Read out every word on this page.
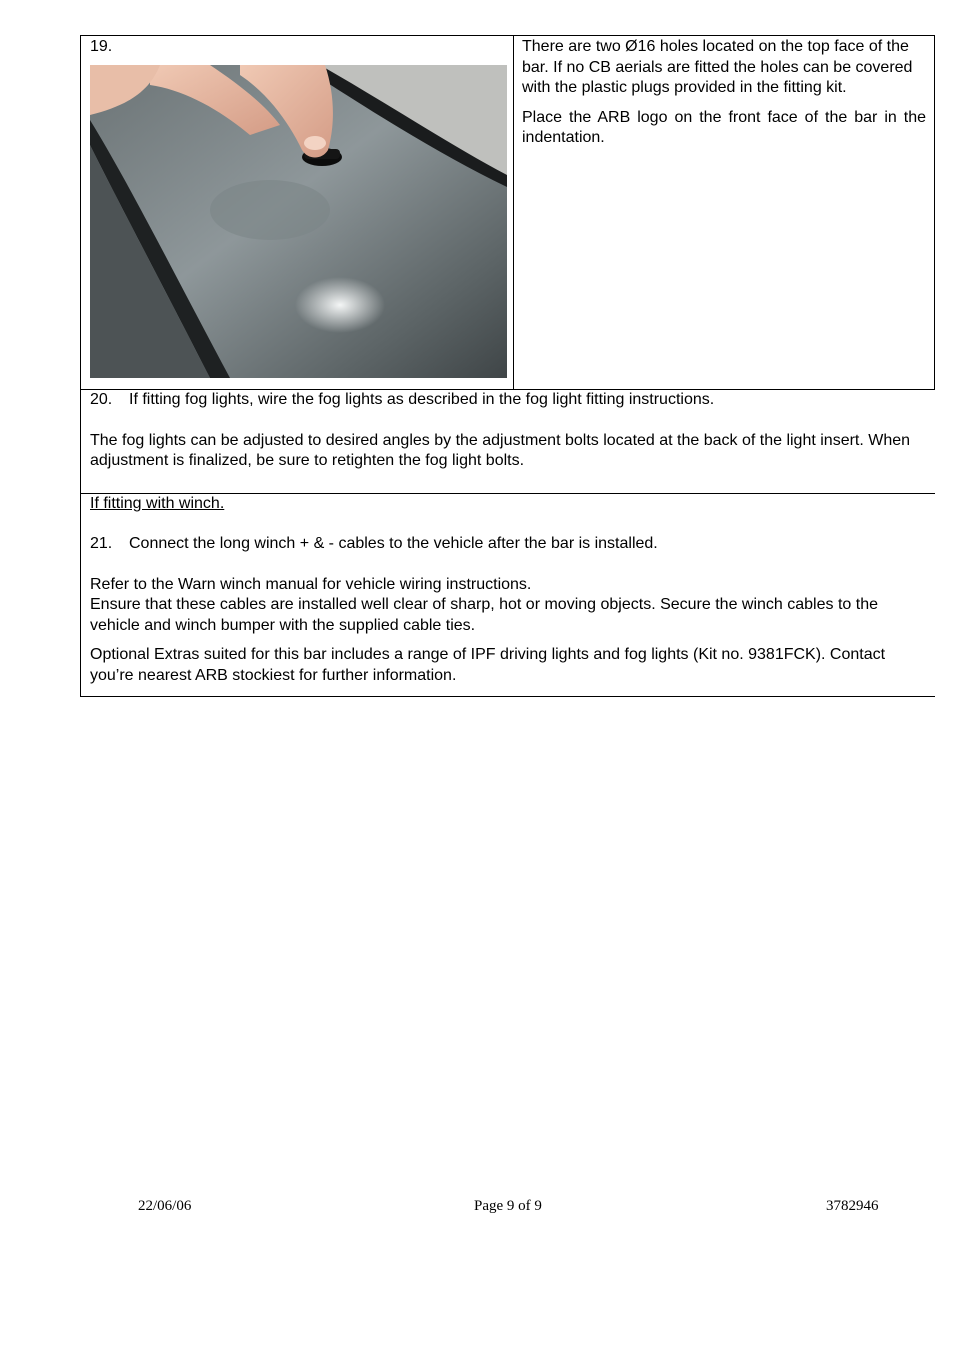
19.	There are two Ø16 holes located on the top face of the bar. If no CB aerials are fitted the holes can be covered with the plastic plugs provided in the fitting kit.

Place the ARB logo on the front face of the bar in the indentation.

20. If fitting fog lights, wire the fog lights as described in the fog light fitting instructions.

The fog lights can be adjusted to desired angles by the adjustment bolts located at the back of the light insert. When adjustment is finalized, be sure to retighten the fog light bolts.

If fitting with winch.

21. Connect the long winch + & - cables to the vehicle after the bar is installed.

Refer to the Warn winch manual for vehicle wiring instructions.

Ensure that these cables are installed well clear of sharp, hot or moving objects. Secure the winch cables to the vehicle and winch bumper with the supplied cable ties.

Optional Extras suited for this bar includes a range of IPF driving lights and fog lights (Kit no. 9381FCK). Contact you’re nearest ARB stockiest for further information.

22/06/06	Page 9 of 9	3782946
